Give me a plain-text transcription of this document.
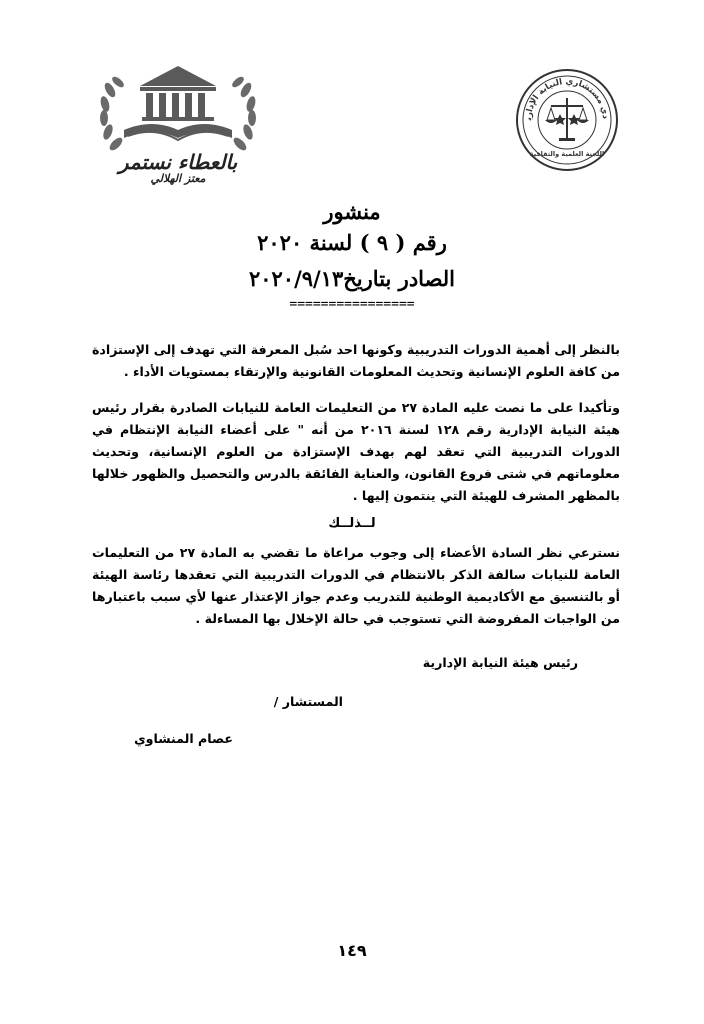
بالعطاء نستمر
معتز الهلالي
دي مستشاري النيابة الإدارية
اللجنة العلمية والثقافية
منشور
رقم ( ٩ ) لسنة ٢٠٢٠
الصادر بتاريخ٢٠٢٠/٩/١٣
================
بالنظر إلى أهمية الدورات التدريبية وكونها احد سُبل المعرفة التي تهدف إلى الإستزادة من كافة العلوم الإنسانية وتحديث المعلومات القانونية والإرتقاء بمستويات الأداء .
وتأكيدا على ما نصت عليه المادة ٢٧ من التعليمات العامة للنيابات الصادرة بقرار رئيس هيئة النيابة الإدارية رقم ١٢٨ لسنة ٢٠١٦ من أنه " على أعضاء النيابة الإنتظام في الدورات التدريبية التي تعقد لهم بهدف الإستزادة من العلوم الإنسانية، وتحديث معلوماتهم في شتى فروع القانون، والعناية الفائقة بالدرس والتحصيل والظهور خلالها بالمظهر المشرف للهيئة التي ينتمون إليها .
لــذلــك
نسترعي نظر السادة الأعضاء إلى وجوب مراعاة ما تقضي به المادة ٢٧ من التعليمات العامة للنيابات سالفة الذكر بالانتظام في الدورات التدريبية التي تعقدها رئاسة الهيئة أو بالتنسيق مع الأكاديمية الوطنية للتدريب وعدم جواز الإعتذار عنها لأي سبب باعتبارها من الواجبات المفروضة التي تستوجب في حالة الإخلال بها المساءلة .
رئيس هيئة النيابة الإدارية
المستشار /
عصام المنشاوي
١٤٩
